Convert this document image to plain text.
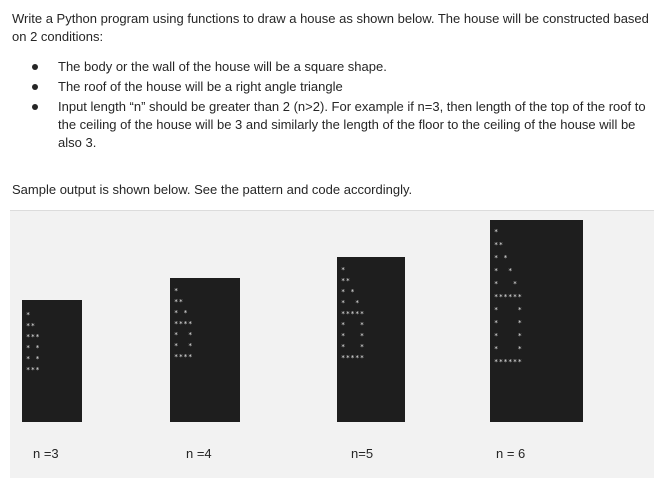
Write a Python program using functions to draw a house as shown below. The house will be constructed based on 2 conditions:

The body or the wall of the house will be a square shape.
The roof of the house will be a right angle triangle
Input length “n” should be greater than 2 (n>2). For example if n=3, then length of the top of the roof to the ceiling of the house will be 3 and similarly the length of the floor to the ceiling of the house will be also 3.

Sample output is shown below. See the pattern and code accordingly.

*
**
***
* *
* *
***
*
**
* *
****
*  *
*  *
****
*
**
* *
*  *
*****
*   *
*   *
*   *
*****
*
**
* *
*  *
*   *
******
*    *
*    *
*    *
*    *
******
n =3	n =4	n=5	n = 6
